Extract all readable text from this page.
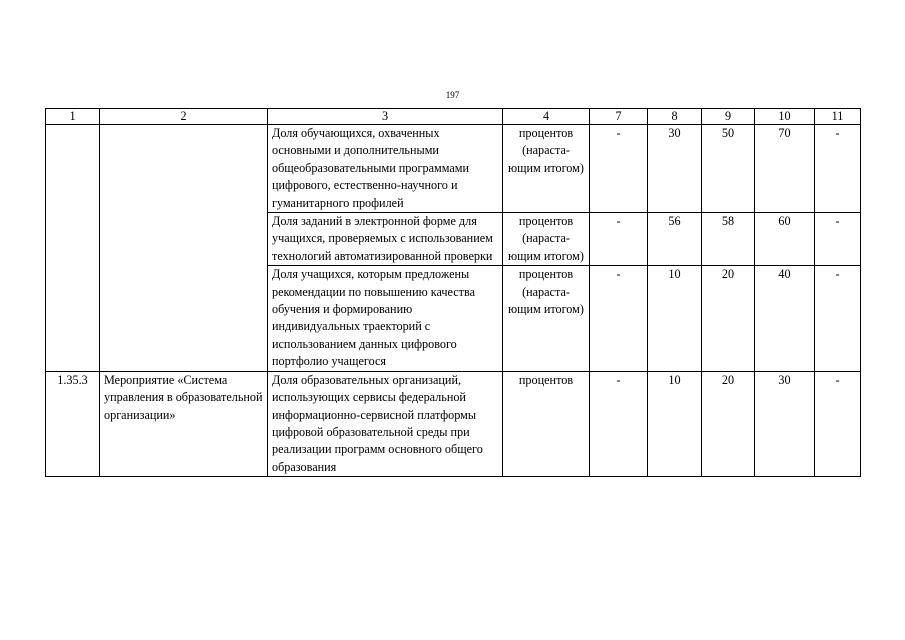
197
1	2	3	4	7	8	9	10	11
		Доля обучающихся, охваченных основными и дополнительными общеобразовательными программами цифрового, естественно-научного и гуманитарного профилей	процентов (нараста-ющим итогом)	-	30	50	70	-
		Доля заданий в электронной форме для учащихся, проверяемых с использованием технологий автоматизированной проверки	процентов (нараста-ющим итогом)	-	56	58	60	-
		Доля учащихся, которым предложены рекомендации по повышению качества обучения и формированию индивидуальных траекторий с использованием данных цифрового портфолио учащегося	процентов (нараста-ющим итогом)	-	10	20	40	-
1.35.3	Мероприятие «Система управления в образовательной организации»	Доля образовательных организаций, использующих сервисы федеральной информационно-сервисной платформы цифровой образовательной среды при реализации программ основного общего образования	процентов	-	10	20	30	-
